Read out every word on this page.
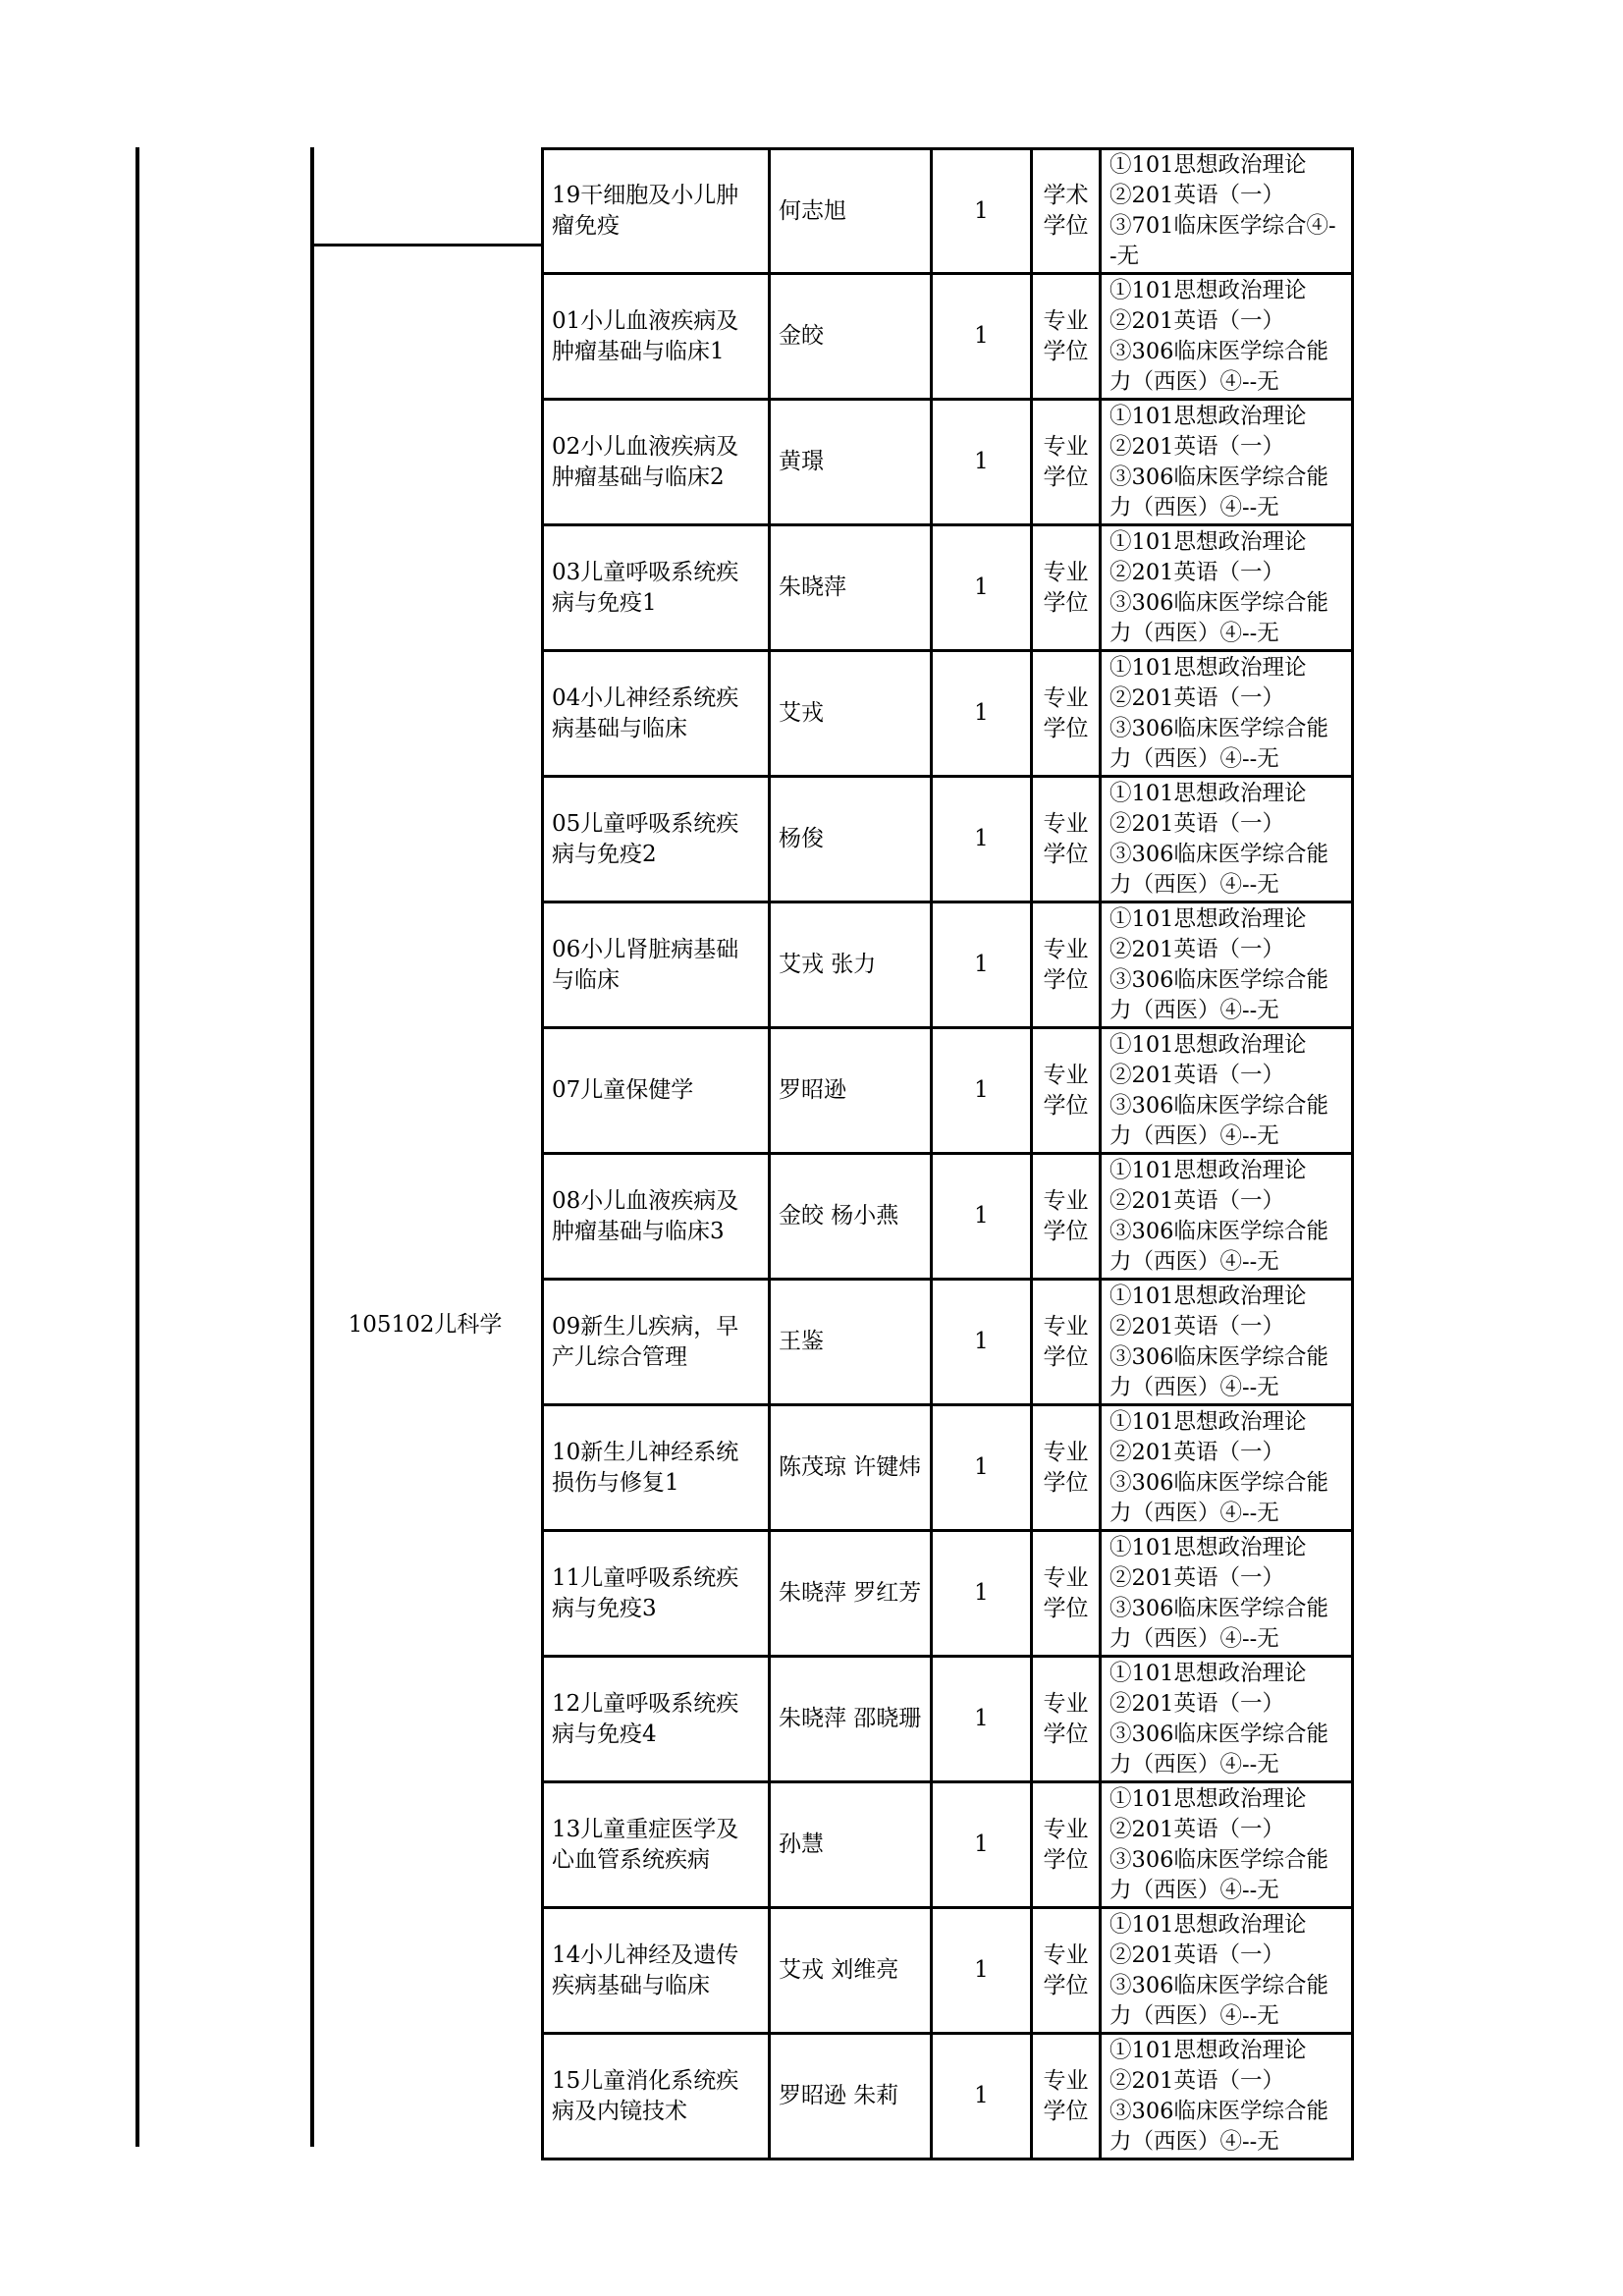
105102儿科学
19干细胞及小儿肿瘤免疫	何志旭	1	学术学位	①101思想政治理论②201英语（一）③701临床医学综合④--无
01小儿血液疾病及肿瘤基础与临床1	金皎	1	专业学位	①101思想政治理论②201英语（一）③306临床医学综合能力（西医）④--无
02小儿血液疾病及肿瘤基础与临床2	黄璟	1	专业学位	①101思想政治理论②201英语（一）③306临床医学综合能力（西医）④--无
03儿童呼吸系统疾病与免疫1	朱晓萍	1	专业学位	①101思想政治理论②201英语（一）③306临床医学综合能力（西医）④--无
04小儿神经系统疾病基础与临床	艾戎	1	专业学位	①101思想政治理论②201英语（一）③306临床医学综合能力（西医）④--无
05儿童呼吸系统疾病与免疫2	杨俊	1	专业学位	①101思想政治理论②201英语（一）③306临床医学综合能力（西医）④--无
06小儿肾脏病基础与临床	艾戎 张力	1	专业学位	①101思想政治理论②201英语（一）③306临床医学综合能力（西医）④--无
07儿童保健学	罗昭逊	1	专业学位	①101思想政治理论②201英语（一）③306临床医学综合能力（西医）④--无
08小儿血液疾病及肿瘤基础与临床3	金皎 杨小燕	1	专业学位	①101思想政治理论②201英语（一）③306临床医学综合能力（西医）④--无
09新生儿疾病，早产儿综合管理	王鉴	1	专业学位	①101思想政治理论②201英语（一）③306临床医学综合能力（西医）④--无
10新生儿神经系统损伤与修复1	陈茂琼 许键炜	1	专业学位	①101思想政治理论②201英语（一）③306临床医学综合能力（西医）④--无
11儿童呼吸系统疾病与免疫3	朱晓萍 罗红芳	1	专业学位	①101思想政治理论②201英语（一）③306临床医学综合能力（西医）④--无
12儿童呼吸系统疾病与免疫4	朱晓萍 邵晓珊	1	专业学位	①101思想政治理论②201英语（一）③306临床医学综合能力（西医）④--无
13儿童重症医学及心血管系统疾病	孙慧	1	专业学位	①101思想政治理论②201英语（一）③306临床医学综合能力（西医）④--无
14小儿神经及遗传疾病基础与临床	艾戎 刘维亮	1	专业学位	①101思想政治理论②201英语（一）③306临床医学综合能力（西医）④--无
15儿童消化系统疾病及内镜技术	罗昭逊 朱莉	1	专业学位	①101思想政治理论②201英语（一）③306临床医学综合能力（西医）④--无
